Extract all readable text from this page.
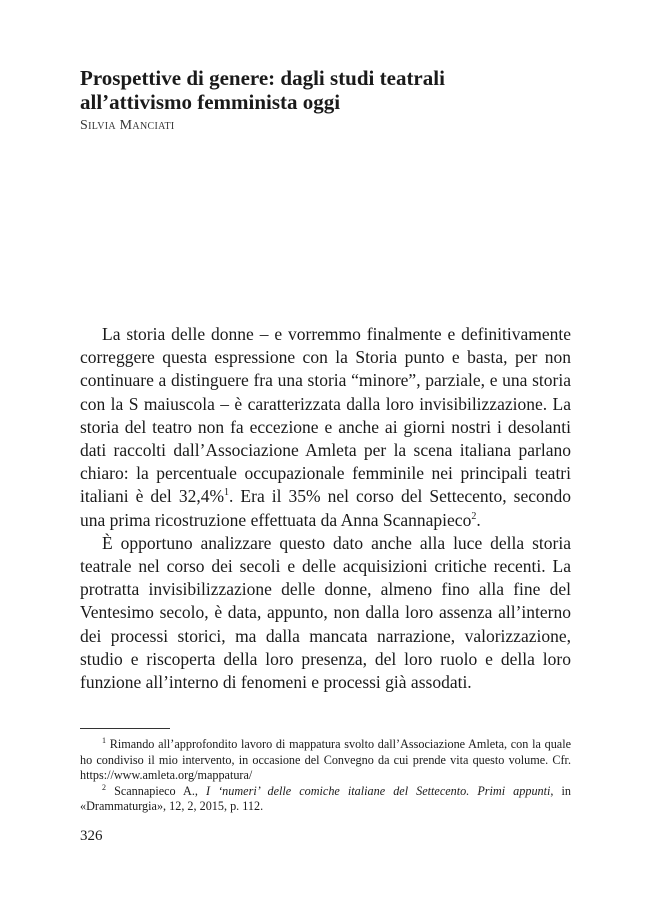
Prospettive di genere: dagli studi teatrali
all’attivismo femminista oggi

Silvia Manciati

La storia delle donne – e vorremmo finalmente e definitivamente correggere questa espressione con la Storia punto e basta, per non continuare a distinguere fra una storia “minore”, parziale, e una storia con la S maiuscola – è caratterizzata dalla loro invisibilizzazione. La storia del teatro non fa eccezione e anche ai giorni nostri i desolanti dati raccolti dall’Associazione Amleta per la scena italiana parlano chiaro: la percentuale occupazionale femminile nei principali teatri italiani è del 32,4%$^1$. Era il 35% nel corso del Settecento, secondo una prima ricostruzione effettuata da Anna Scannapieco$^2$.

È opportuno analizzare questo dato anche alla luce della storia teatrale nel corso dei secoli e delle acquisizioni critiche recenti. La protratta invisibilizzazione delle donne, almeno fino alla fine del Ventesimo secolo, è data, appunto, non dalla loro assenza all’interno dei processi storici, ma dalla mancata narrazione, valorizzazione, studio e riscoperta della loro presenza, del loro ruolo e della loro funzione all’interno di fenomeni e processi già assodati.

$^1$ Rimando all’approfondito lavoro di mappatura svolto dall’Associazione Amleta, con la quale ho condiviso il mio intervento, in occasione del Convegno da cui prende vita questo volume. Cfr. https://www.amleta.org/mappatura/

$^2$ Scannapieco A., I ‘numeri’ delle comiche italiane del Settecento. Primi appunti, in «Drammaturgia», 12, 2, 2015, p. 112.

326
